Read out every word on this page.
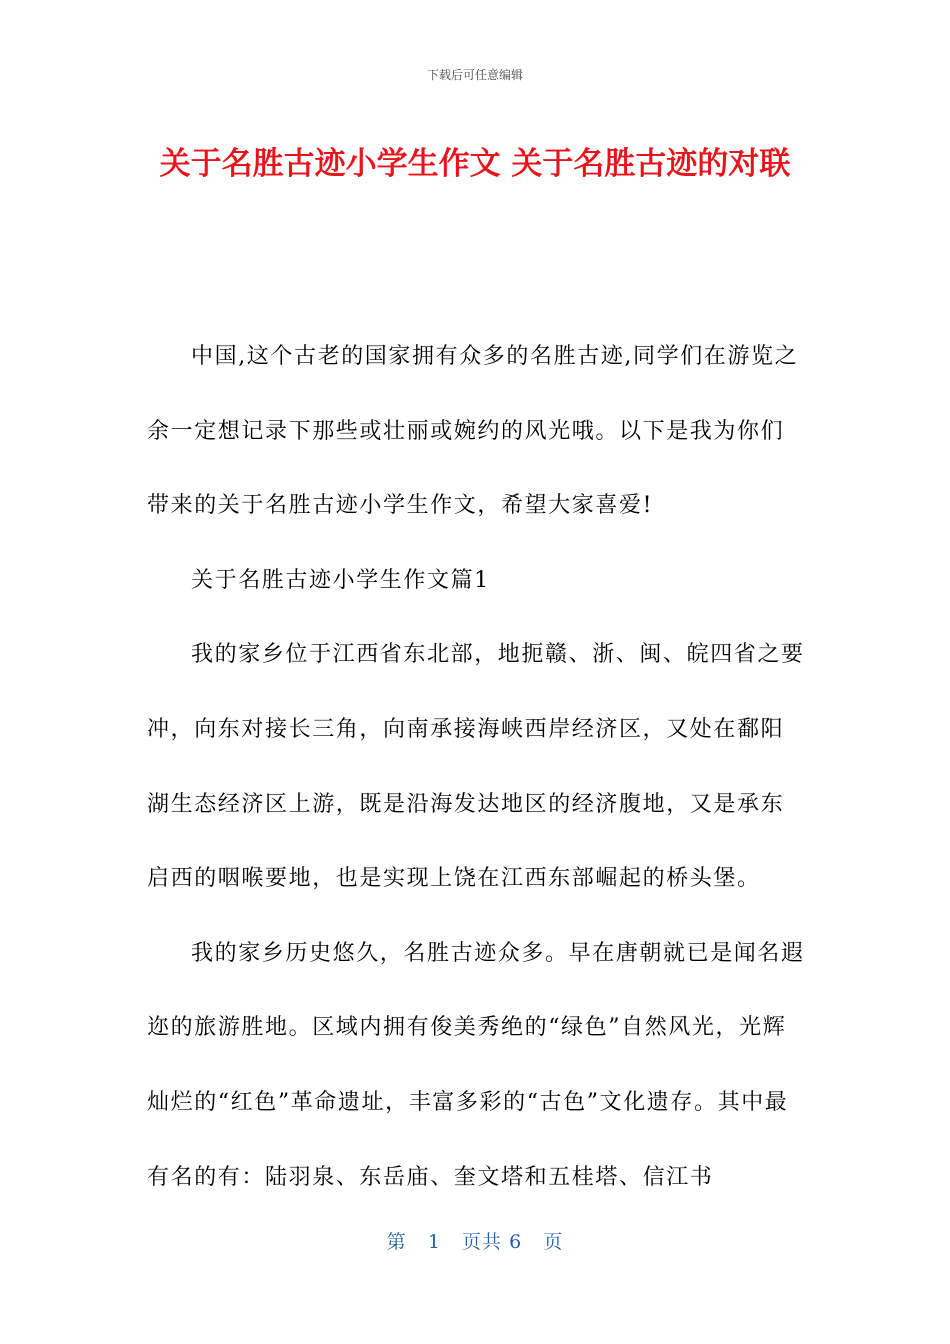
下载后可任意编辑
关于名胜古迹小学生作文 关于名胜古迹的对联

中国,这个古老的国家拥有众多的名胜古迹,同学们在游览之余一定想记录下那些或壮丽或婉约的风光哦。以下是我为你们带来的关于名胜古迹小学生作文，希望大家喜爱!

关于名胜古迹小学生作文篇1

我的家乡位于江西省东北部，地扼赣、浙、闽、皖四省之要冲，向东对接长三角，向南承接海峡西岸经济区，又处在鄱阳湖生态经济区上游，既是沿海发达地区的经济腹地，又是承东启西的咽喉要地，也是实现上饶在江西东部崛起的桥头堡。

我的家乡历史悠久，名胜古迹众多。早在唐朝就已是闻名遐迩的旅游胜地。区域内拥有俊美秀绝的“绿色”自然风光，光辉灿烂的“红色”革命遗址，丰富多彩的“古色”文化遗存。其中最有名的有：陆羽泉、东岳庙、奎文塔和五桂塔、信江书

第 1 页共 6 页
